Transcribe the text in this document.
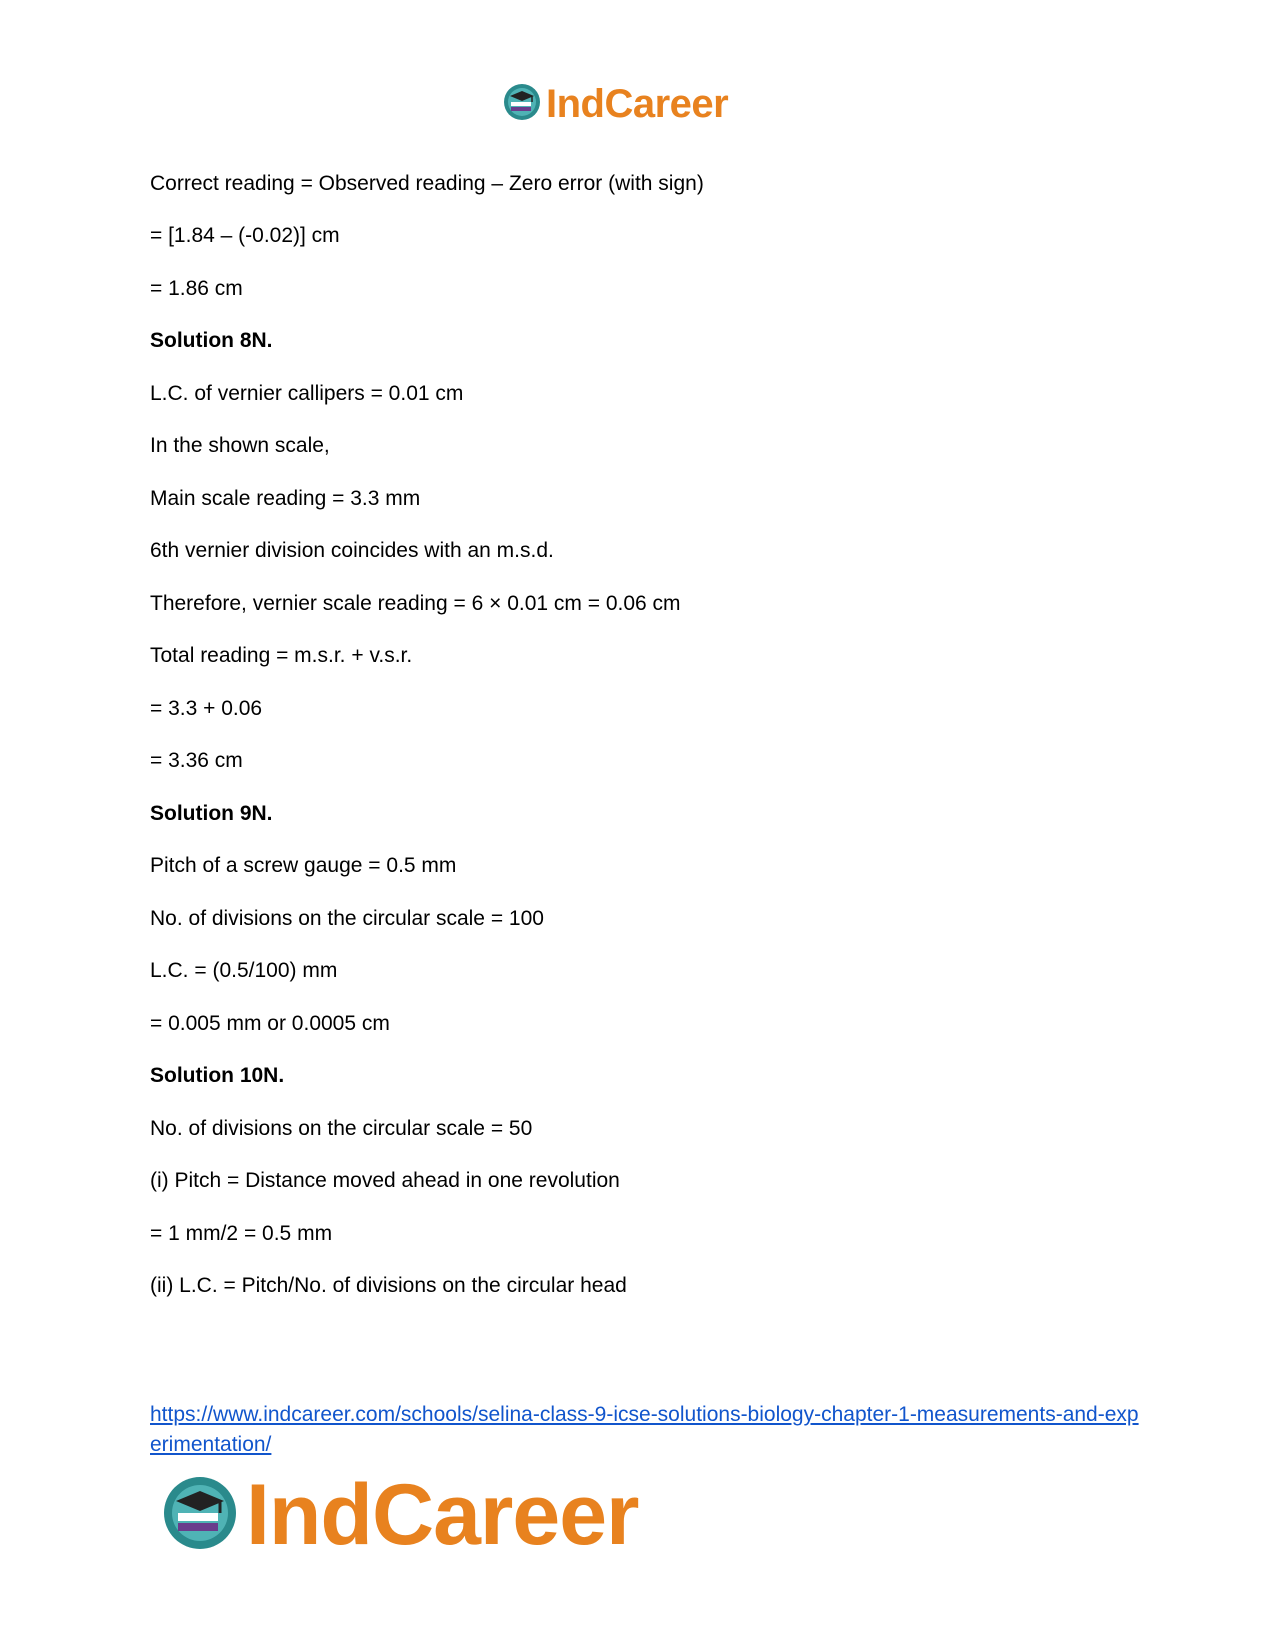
IndCareer
Correct reading = Observed reading – Zero error (with sign)
= [1.84 – (-0.02)] cm
= 1.86 cm
Solution 8N.
L.C. of vernier callipers = 0.01 cm
In the shown scale,
Main scale reading = 3.3 mm
6th vernier division coincides with an m.s.d.
Therefore, vernier scale reading = 6 × 0.01 cm = 0.06 cm
Total reading = m.s.r. + v.s.r.
= 3.3 + 0.06
= 3.36 cm
Solution 9N.
Pitch of a screw gauge = 0.5 mm
No. of divisions on the circular scale = 100
L.C. = (0.5/100) mm
= 0.005 mm or 0.0005 cm
Solution 10N.
No. of divisions on the circular scale = 50
(i) Pitch = Distance moved ahead in one revolution
= 1 mm/2 = 0.5 mm
(ii) L.C. = Pitch/No. of divisions on the circular head
https://www.indcareer.com/schools/selina-class-9-icse-solutions-biology-chapter-1-measurements-and-experimentation/
IndCareer
